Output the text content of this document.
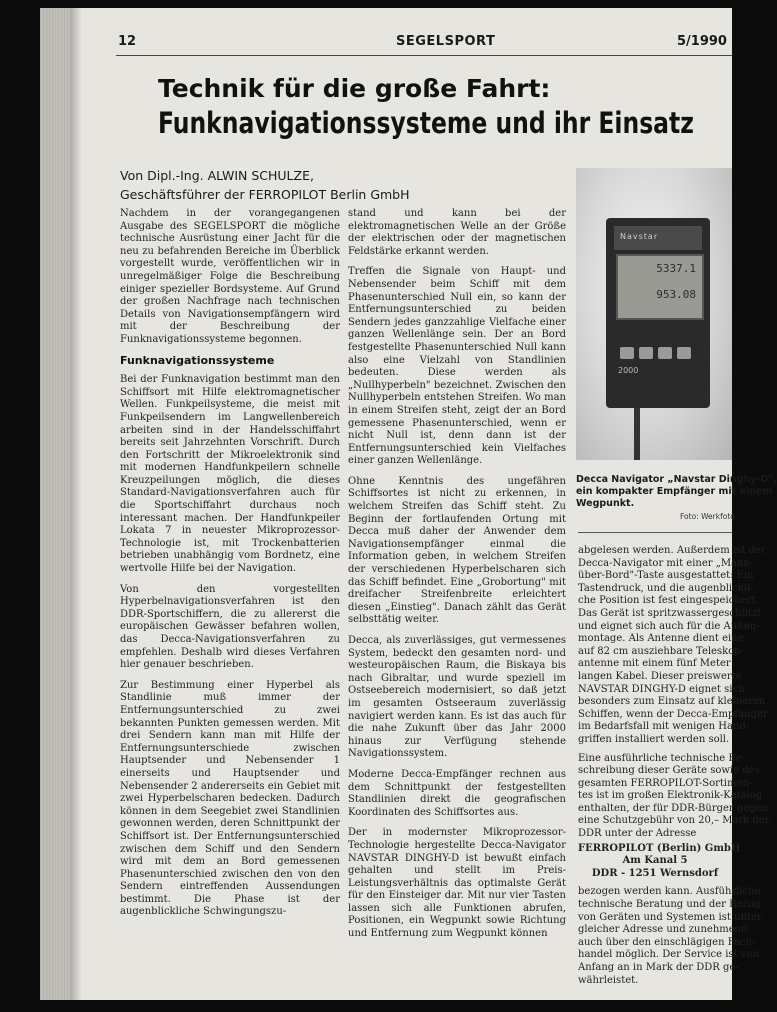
12	SEGELSPORT	5/1990
Technik für die große Fahrt:
Funknavigationssysteme und ihr Einsatz
Von Dipl.-Ing. ALWIN SCHULZE,
Geschäftsführer der FERROPILOT Berlin GmbH

Nachdem in der vorangegangenen Ausgabe des SEGELSPORT die mögliche technische Ausrüstung einer Jacht für die neu zu befahrenden Bereiche im Überblick vorgestellt wurde, veröffentlichen wir in unregelmäßiger Folge die Beschreibung einiger spezieller Bordsysteme. Auf Grund der großen Nachfrage nach technischen Details von Navigationsempfängern wird mit der Beschreibung der Funknavigationssysteme begonnen.

Funknavigationssysteme

Bei der Funknavigation bestimmt man den Schiffsort mit Hilfe elektromagnetischer Wellen. Funkpeilsysteme, die meist mit Funkpeilsendern im Langwellenbereich arbeiten sind in der Handelsschiffahrt bereits seit Jahrzehnten Vorschrift. Durch den Fortschritt der Mikroelektronik sind mit modernen Handfunkpeilern schnelle Kreuzpeilungen möglich, die dieses Standard-Navigationsverfahren auch für die Sportschiffahrt durchaus noch interessant machen. Der Handfunkpeiler Lokata 7 in neuester Mikroprozessor-Technologie ist, mit Trockenbatterien betrieben unabhängig vom Bordnetz, eine wertvolle Hilfe bei der Navigation.

Von den vorgestellten Hyperbelnavigationsverfahren ist den DDR-Sportschiffern, die zu allererst die europäischen Gewässer befahren wollen, das Decca-Navigationsverfahren zu empfehlen. Deshalb wird dieses Verfahren hier genauer beschrieben.

Zur Bestimmung einer Hyperbel als Standlinie muß immer der Entfernungsunterschied zu zwei bekannten Punkten gemessen werden. Mit drei Sendern kann man mit Hilfe der Entfernungsunterschiede zwischen Hauptsender und Nebensender 1 einerseits und Hauptsender und Nebensender 2 andererseits ein Gebiet mit zwei Hyperbelscharen bedecken. Dadurch können in dem Seegebiet zwei Standlinien gewonnen werden, deren Schnittpunkt der Schiffsort ist. Der Entfernungsunterschied zwischen dem Schiff und den Sendern wird mit dem an Bord gemessenen Phasenunterschied zwischen den von den Sendern eintreffenden Aussendungen bestimmt. Die Phase ist der augenblickliche Schwingungszu-

stand und kann bei der elektromagnetischen Welle an der Größe der elektrischen oder der magnetischen Feldstärke erkannt werden.

Treffen die Signale von Haupt- und Nebensender beim Schiff mit dem Phasenunterschied Null ein, so kann der Entfernungsunterschied zu beiden Sendern jedes ganzzahlige Vielfache einer ganzen Wellenlänge sein. Der an Bord festgestellte Phasenunterschied Null kann also eine Vielzahl von Standlinien bedeuten. Diese werden als „Nullhyperbeln" bezeichnet. Zwischen den Nullhyperbeln entstehen Streifen. Wo man in einem Streifen steht, zeigt der an Bord gemessene Phasenunterschied, wenn er nicht Null ist, denn dann ist der Entfernungsunterschied kein Vielfaches einer ganzen Wellenlänge.

Ohne Kenntnis des ungefähren Schiffsortes ist nicht zu erkennen, in welchem Streifen das Schiff steht. Zu Beginn der fortlaufenden Ortung mit Decca muß daher der Anwender dem Navigationsempfänger einmal die Information geben, in welchem Streifen der verschiedenen Hyperbelscharen sich das Schiff befindet. Eine „Grobortung" mit dreifacher Streifenbreite erleichtert diesen „Einstieg". Danach zählt das Gerät selbsttätig weiter.

Decca, als zuverlässiges, gut vermessenes System, bedeckt den gesamten nord- und westeuropäischen Raum, die Biskaya bis nach Gibraltar, und wurde speziell im Ostseebereich modernisiert, so daß jetzt im gesamten Ostseeraum zuverlässig navigiert werden kann. Es ist das auch für die nahe Zukunft über das Jahr 2000 hinaus zur Verfügung stehende Navigationssystem.

Moderne Decca-Empfänger rechnen aus dem Schnittpunkt der festgestellten Standlinien direkt die geografischen Koordinaten des Schiffsortes aus.

Der in modernster Mikroprozessor-Technologie hergestellte Decca-Navigator NAVSTAR DINGHY-D ist bewußt einfach gehalten und stellt im Preis-Leistungsverhältnis das optimalste Gerät für den Einsteiger dar. Mit nur vier Tasten lassen sich alle Funktionen abrufen, Positionen, ein Wegpunkt sowie Richtung und Entfernung zum Wegpunkt können

Navstar
5337.1
953.08
2000
Decca Navigator „Navstar Dinghy-D",
ein kompakter Empfänger mit einem
Wegpunkt.
Foto: Werkfoto
abgelesen werden. Außerdem ist der
Decca-Navigator mit einer „Mann-
über-Bord"-Taste ausgestattet: Ein
Tastendruck, und die augenblickli-
che Position ist fest eingespeichert.
Das Gerät ist spritzwassergeschützt
und eignet sich auch für die Außen-
montage. Als Antenne dient eine
auf 82 cm ausziehbare Teleskop-
antenne mit einem fünf Meter
langen Kabel. Dieser preiswerte
NAVSTAR DINGHY-D eignet sich
besonders zum Einsatz auf kleineren
Schiffen, wenn der Decca-Empfänger
im Bedarfsfall mit wenigen Hand-
griffen installiert werden soll.
Eine ausführliche technische Be-
schreibung dieser Geräte sowie des
gesamten FERROPILOT-Sortimen-
tes ist im großen Elektronik-Katalog
enthalten, der für DDR-Bürger gegen
eine Schutzgebühr von 20,– Mark der
DDR unter der Adresse
FERROPILOT (Berlin) GmbH
Am Kanal 5
DDR - 1251 Wernsdorf
bezogen werden kann. Ausführliche
technische Beratung und der Bezug
von Geräten und Systemen ist unter
gleicher Adresse und zunehmend
auch über den einschlägigen Fach-
handel möglich. Der Service ist von
Anfang an in Mark der DDR ge-
währleistet.
